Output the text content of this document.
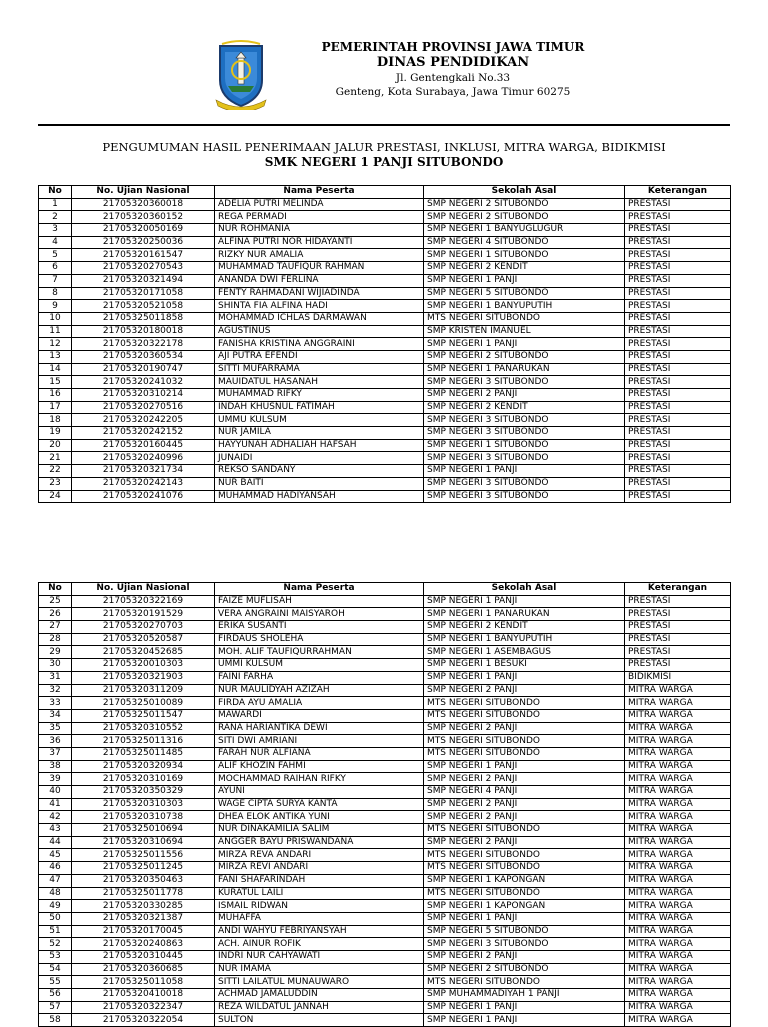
PEMERINTAH PROVINSI JAWA TIMUR
DINAS PENDIDIKAN
Jl. Gentengkali No.33
Genteng, Kota Surabaya, Jawa Timur 60275
PENGUMUMAN HASIL PENERIMAAN JALUR PRESTASI, INKLUSI, MITRA WARGA, BIDIKMISI
SMK NEGERI 1 PANJI SITUBONDO
No	No. Ujian Nasional	Nama Peserta	Sekolah Asal	Keterangan
1	21705320360018	ADELIA PUTRI MELINDA	SMP NEGERI 2 SITUBONDO	PRESTASI
2	21705320360152	REGA PERMADI	SMP NEGERI 2 SITUBONDO	PRESTASI
3	21705320050169	NUR ROHMANIA	SMP NEGERI 1 BANYUGLUGUR	PRESTASI
4	21705320250036	ALFINA PUTRI NOR HIDAYANTI	SMP NEGERI 4 SITUBONDO	PRESTASI
5	21705320161547	RIZKY NUR AMALIA	SMP NEGERI 1 SITUBONDO	PRESTASI
6	21705320270543	MUHAMMAD TAUFIQUR RAHMAN	SMP NEGERI 2 KENDIT	PRESTASI
7	21705320321494	ANANDA DWI FERLINA	SMP NEGERI 1 PANJI	PRESTASI
8	21705320171058	FENTY RAHMADANI WIJIADINDA	SMP NEGERI 5 SITUBONDO	PRESTASI
9	21705320521058	SHINTA FIA ALFINA HADI	SMP NEGERI 1 BANYUPUTIH	PRESTASI
10	21705325011858	MOHAMMAD ICHLAS DARMAWAN	MTS NEGERI SITUBONDO	PRESTASI
11	21705320180018	AGUSTINUS	SMP KRISTEN IMANUEL	PRESTASI
12	21705320322178	FANISHA KRISTINA ANGGRAINI	SMP NEGERI 1 PANJI	PRESTASI
13	21705320360534	AJI PUTRA EFENDI	SMP NEGERI 2 SITUBONDO	PRESTASI
14	21705320190747	SITTI MUFARRAMA	SMP NEGERI 1 PANARUKAN	PRESTASI
15	21705320241032	MAUIDATUL HASANAH	SMP NEGERI 3 SITUBONDO	PRESTASI
16	21705320310214	MUHAMMAD RIFKY	SMP NEGERI 2 PANJI	PRESTASI
17	21705320270516	INDAH KHUSNUL FATIMAH	SMP NEGERI 2 KENDIT	PRESTASI
18	21705320242205	UMMU KULSUM	SMP NEGERI 3 SITUBONDO	PRESTASI
19	21705320242152	NUR JAMILA	SMP NEGERI 3 SITUBONDO	PRESTASI
20	21705320160445	HAYYUNAH ADHALIAH HAFSAH	SMP NEGERI 1 SITUBONDO	PRESTASI
21	21705320240996	JUNAIDI	SMP NEGERI 3 SITUBONDO	PRESTASI
22	21705320321734	REKSO SANDANY	SMP NEGERI 1 PANJI	PRESTASI
23	21705320242143	NUR BAITI	SMP NEGERI 3 SITUBONDO	PRESTASI
24	21705320241076	MUHAMMAD HADIYANSAH	SMP NEGERI 3 SITUBONDO	PRESTASI
No	No. Ujian Nasional	Nama Peserta	Sekolah Asal	Keterangan
25	21705320322169	FAIZE MUFLISAH	SMP NEGERI 1 PANJI	PRESTASI
26	21705320191529	VERA ANGRAINI MAISYAROH	SMP NEGERI 1 PANARUKAN	PRESTASI
27	21705320270703	ERIKA SUSANTI	SMP NEGERI 2 KENDIT	PRESTASI
28	21705320520587	FIRDAUS SHOLEHA	SMP NEGERI 1 BANYUPUTIH	PRESTASI
29	21705320452685	MOH. ALIF TAUFIQURRAHMAN	SMP NEGERI 1 ASEMBAGUS	PRESTASI
30	21705320010303	UMMI KULSUM	SMP NEGERI 1 BESUKI	PRESTASI
31	21705320321903	FAINI FARHA	SMP NEGERI 1 PANJI	BIDIKMISI
32	21705320311209	NUR MAULIDYAH AZIZAH	SMP NEGERI 2 PANJI	MITRA WARGA
33	21705325010089	FIRDA AYU AMALIA	MTS NEGERI SITUBONDO	MITRA WARGA
34	21705325011547	MAWARDI	MTS NEGERI SITUBONDO	MITRA WARGA
35	21705320310552	RANA HARIANTIKA DEWI	SMP NEGERI 2 PANJI	MITRA WARGA
36	21705325011316	SITI DWI AMRIANI	MTS NEGERI SITUBONDO	MITRA WARGA
37	21705325011485	FARAH NUR ALFIANA	MTS NEGERI SITUBONDO	MITRA WARGA
38	21705320320934	ALIF KHOZIN FAHMI	SMP NEGERI 1 PANJI	MITRA WARGA
39	21705320310169	MOCHAMMAD RAIHAN RIFKY	SMP NEGERI 2 PANJI	MITRA WARGA
40	21705320350329	AYUNI	SMP NEGERI 4 PANJI	MITRA WARGA
41	21705320310303	WAGE CIPTA SURYA KANTA	SMP NEGERI 2 PANJI	MITRA WARGA
42	21705320310738	DHEA ELOK ANTIKA YUNI	SMP NEGERI 2 PANJI	MITRA WARGA
43	21705325010694	NUR DINAKAMILIA SALIM	MTS NEGERI SITUBONDO	MITRA WARGA
44	21705320310694	ANGGER BAYU PRISWANDANA	SMP NEGERI 2 PANJI	MITRA WARGA
45	21705325011556	MIRZA REVA ANDARI	MTS NEGERI SITUBONDO	MITRA WARGA
46	21705325011245	MIRZA REVI ANDARI	MTS NEGERI SITUBONDO	MITRA WARGA
47	21705320350463	FANI SHAFARINDAH	SMP NEGERI 1 KAPONGAN	MITRA WARGA
48	21705325011778	KURATUL LAILI	MTS NEGERI SITUBONDO	MITRA WARGA
49	21705320330285	ISMAIL RIDWAN	SMP NEGERI 1 KAPONGAN	MITRA WARGA
50	21705320321387	MUHAFFA	SMP NEGERI 1 PANJI	MITRA WARGA
51	21705320170045	ANDI WAHYU FEBRIYANSYAH	SMP NEGERI 5 SITUBONDO	MITRA WARGA
52	21705320240863	ACH. AINUR ROFIK	SMP NEGERI 3 SITUBONDO	MITRA WARGA
53	21705320310445	INDRI NUR CAHYAWATI	SMP NEGERI 2 PANJI	MITRA WARGA
54	21705320360685	NUR IMAMA	SMP NEGERI 2 SITUBONDO	MITRA WARGA
55	21705325011058	SITTI LAILATUL MUNAUWARO	MTS NEGERI SITUBONDO	MITRA WARGA
56	21705320410018	ACHMAD JAMALUDDIN	SMP MUHAMMADIYAH 1 PANJI	MITRA WARGA
57	21705320322347	REZA WILDATUL JANNAH	SMP NEGERI 1 PANJI	MITRA WARGA
58	21705320322054	SULTON	SMP NEGERI 1 PANJI	MITRA WARGA
